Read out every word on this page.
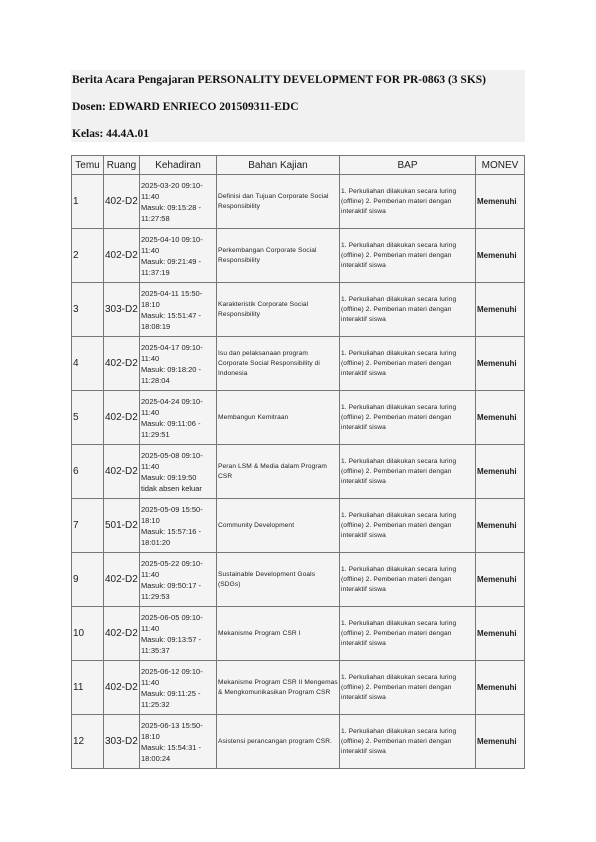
Berita Acara Pengajaran PERSONALITY DEVELOPMENT FOR PR-0863 (3 SKS)
Dosen: EDWARD ENRIECO 201509311-EDC
Kelas: 44.4A.01
Temu	Ruang	Kehadiran	Bahan Kajian	BAP	MONEV
1	402-D2	2025-03-20 09:10-11:40
Masuk: 09:15:28 - 11:27:58	Definisi dan Tujuan Corporate Social Responsibility	1. Perkuliahan dilakukan secara luring (offline) 2. Pemberian materi dengan interaktif siswa	Memenuhi
2	402-D2	2025-04-10 09:10-11:40
Masuk: 09:21:49 - 11:37:19	Perkembangan Corporate Social Responsibility	1. Perkuliahan dilakukan secara luring (offline) 2. Pemberian materi dengan interaktif siswa	Memenuhi
3	303-D2	2025-04-11 15:50-18:10
Masuk: 15:51:47 - 18:08:19	Karakteristik Corporate Social Responsibility	1. Perkuliahan dilakukan secara luring (offline) 2. Pemberian materi dengan interaktif siswa	Memenuhi
4	402-D2	2025-04-17 09:10-11:40
Masuk: 09:18:20 - 11:28:04	Isu dan pelaksanaan program Corporate Social Responsibility di Indonesia	1. Perkuliahan dilakukan secara luring (offline) 2. Pemberian materi dengan interaktif siswa	Memenuhi
5	402-D2	2025-04-24 09:10-11:40
Masuk: 09:11:06 - 11:29:51	Membangun Kemitraan	1. Perkuliahan dilakukan secara luring (offline) 2. Pemberian materi dengan interaktif siswa	Memenuhi
6	402-D2	2025-05-08 09:10-11:40
Masuk: 09:19:50
tidak absen keluar	Peran LSM & Media dalam Program CSR	1. Perkuliahan dilakukan secara luring (offline) 2. Pemberian materi dengan interaktif siswa	Memenuhi
7	501-D2	2025-05-09 15:50-18:10
Masuk: 15:57:16 - 18:01:20	Community Development	1. Perkuliahan dilakukan secara luring (offline) 2. Pemberian materi dengan interaktif siswa	Memenuhi
9	402-D2	2025-05-22 09:10-11:40
Masuk: 09:50:17 - 11:29:53	Sustainable Development Goals (SDGs)	1. Perkuliahan dilakukan secara luring (offline) 2. Pemberian materi dengan interaktif siswa	Memenuhi
10	402-D2	2025-06-05 09:10-11:40
Masuk: 09:13:57 - 11:35:37	Mekanisme Program CSR I	1. Perkuliahan dilakukan secara luring (offline) 2. Pemberian materi dengan interaktif siswa	Memenuhi
11	402-D2	2025-06-12 09:10-11:40
Masuk: 09:11:25 - 11:25:32	Mekanisme Program CSR II Mengemas & Mengkomunikasikan Program CSR	1. Perkuliahan dilakukan secara luring (offline) 2. Pemberian materi dengan interaktif siswa	Memenuhi
12	303-D2	2025-06-13 15:50-18:10
Masuk: 15:54:31 - 18:00:24	Asistensi perancangan program CSR.	1. Perkuliahan dilakukan secara luring (offline) 2. Pemberian materi dengan interaktif siswa	Memenuhi
